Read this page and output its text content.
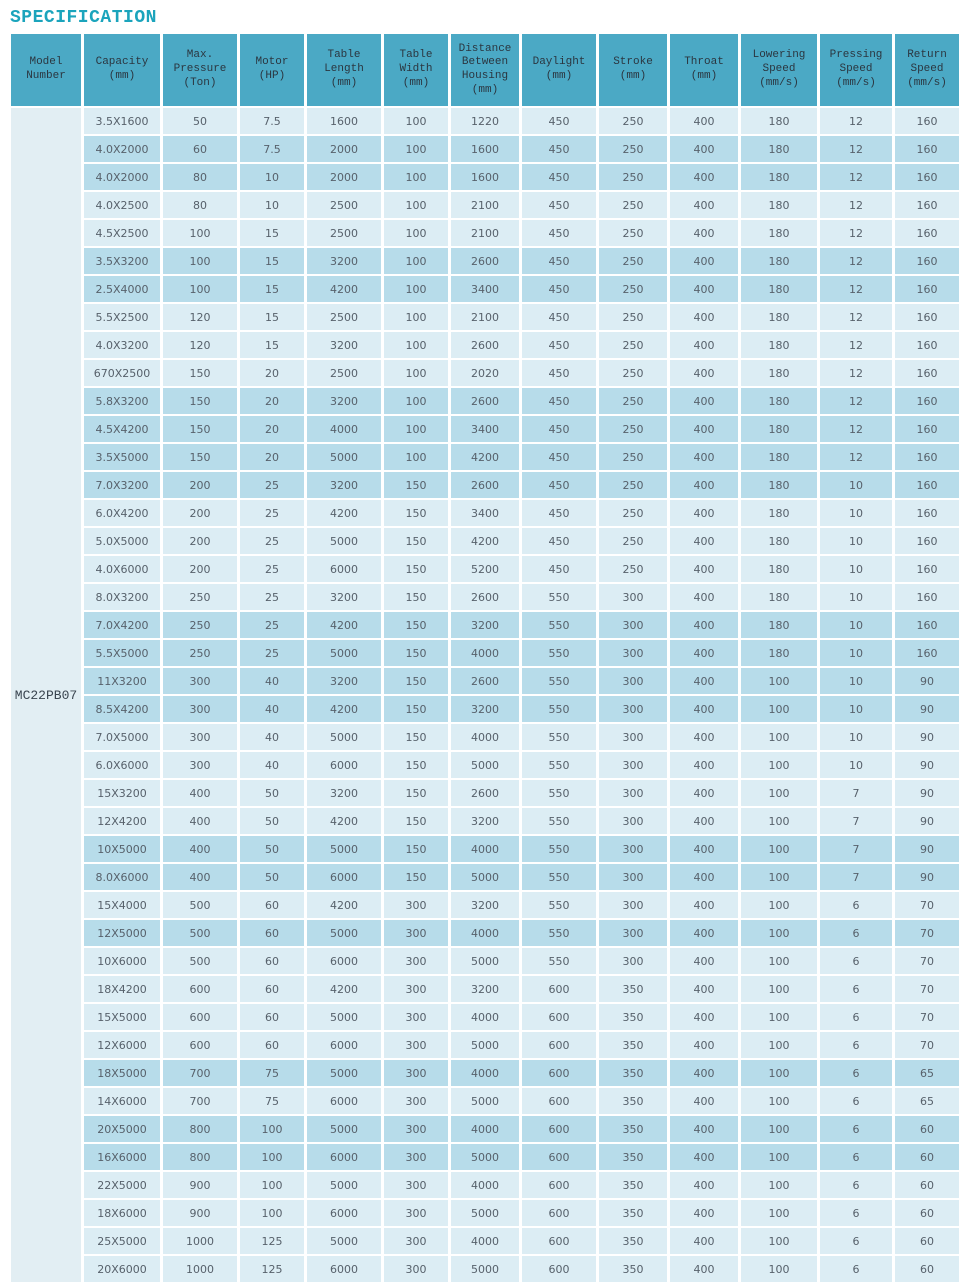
SPECIFICATION
Model
Number	Capacity
(mm)	Max.
Pressure
(Ton)	Motor
(HP)	Table
Length
(mm)	Table
Width
(mm)	Distance
Between
Housing
(mm)	Daylight
(mm)	Stroke
(mm)	Throat
(mm)	Lowering
Speed
(mm/s)	Pressing
Speed
(mm/s)	Return
Speed
(mm/s)
MC22PB07	3.5X1600	50	7.5	1600	100	1220	450	250	400	180	12	160
	4.0X2000	60	7.5	2000	100	1600	450	250	400	180	12	160
	4.0X2000	80	10	2000	100	1600	450	250	400	180	12	160
	4.0X2500	80	10	2500	100	2100	450	250	400	180	12	160
	4.5X2500	100	15	2500	100	2100	450	250	400	180	12	160
	3.5X3200	100	15	3200	100	2600	450	250	400	180	12	160
	2.5X4000	100	15	4200	100	3400	450	250	400	180	12	160
	5.5X2500	120	15	2500	100	2100	450	250	400	180	12	160
	4.0X3200	120	15	3200	100	2600	450	250	400	180	12	160
	670X2500	150	20	2500	100	2020	450	250	400	180	12	160
	5.8X3200	150	20	3200	100	2600	450	250	400	180	12	160
	4.5X4200	150	20	4000	100	3400	450	250	400	180	12	160
	3.5X5000	150	20	5000	100	4200	450	250	400	180	12	160
	7.0X3200	200	25	3200	150	2600	450	250	400	180	10	160
	6.0X4200	200	25	4200	150	3400	450	250	400	180	10	160
	5.0X5000	200	25	5000	150	4200	450	250	400	180	10	160
	4.0X6000	200	25	6000	150	5200	450	250	400	180	10	160
	8.0X3200	250	25	3200	150	2600	550	300	400	180	10	160
	7.0X4200	250	25	4200	150	3200	550	300	400	180	10	160
	5.5X5000	250	25	5000	150	4000	550	300	400	180	10	160
	11X3200	300	40	3200	150	2600	550	300	400	100	10	90
	8.5X4200	300	40	4200	150	3200	550	300	400	100	10	90
	7.0X5000	300	40	5000	150	4000	550	300	400	100	10	90
	6.0X6000	300	40	6000	150	5000	550	300	400	100	10	90
	15X3200	400	50	3200	150	2600	550	300	400	100	7	90
	12X4200	400	50	4200	150	3200	550	300	400	100	7	90
	10X5000	400	50	5000	150	4000	550	300	400	100	7	90
	8.0X6000	400	50	6000	150	5000	550	300	400	100	7	90
	15X4000	500	60	4200	300	3200	550	300	400	100	6	70
	12X5000	500	60	5000	300	4000	550	300	400	100	6	70
	10X6000	500	60	6000	300	5000	550	300	400	100	6	70
	18X4200	600	60	4200	300	3200	600	350	400	100	6	70
	15X5000	600	60	5000	300	4000	600	350	400	100	6	70
	12X6000	600	60	6000	300	5000	600	350	400	100	6	70
	18X5000	700	75	5000	300	4000	600	350	400	100	6	65
	14X6000	700	75	6000	300	5000	600	350	400	100	6	65
	20X5000	800	100	5000	300	4000	600	350	400	100	6	60
	16X6000	800	100	6000	300	5000	600	350	400	100	6	60
	22X5000	900	100	5000	300	4000	600	350	400	100	6	60
	18X6000	900	100	6000	300	5000	600	350	400	100	6	60
	25X5000	1000	125	5000	300	4000	600	350	400	100	6	60
	20X6000	1000	125	6000	300	5000	600	350	400	100	6	60
